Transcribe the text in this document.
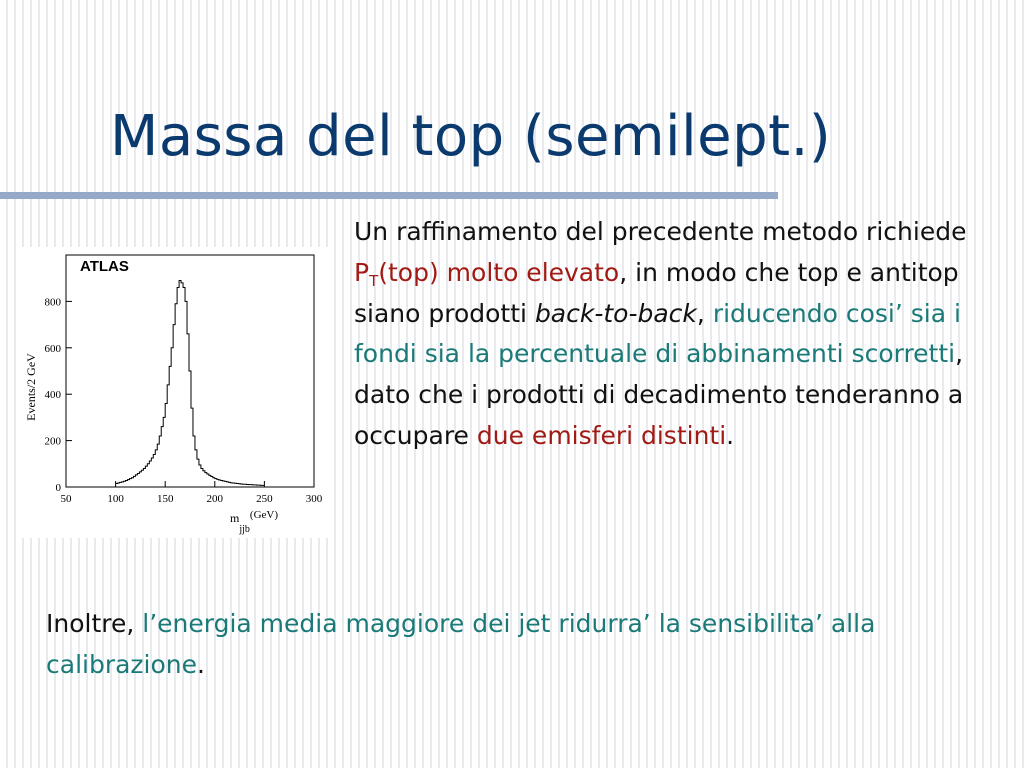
Massa del top (semilept.)
ATLAS
Events/2 GeV
$m_{jjb}(GeV)$
50	100	150	200	250	300
0
200
400
600
800

Un raffinamento del precedente metodo richiede $P_T(top)$ molto elevato, in modo che top e antitop siano prodotti back-to-back, riducendo cosi’ sia i fondi sia la percentuale di abbinamenti scorretti, dato che i prodotti di decadimento tenderanno a occupare due emisferi distinti.

Inoltre, l’energia media maggiore dei jet ridurra’ la sensibilita’ alla calibrazione.
